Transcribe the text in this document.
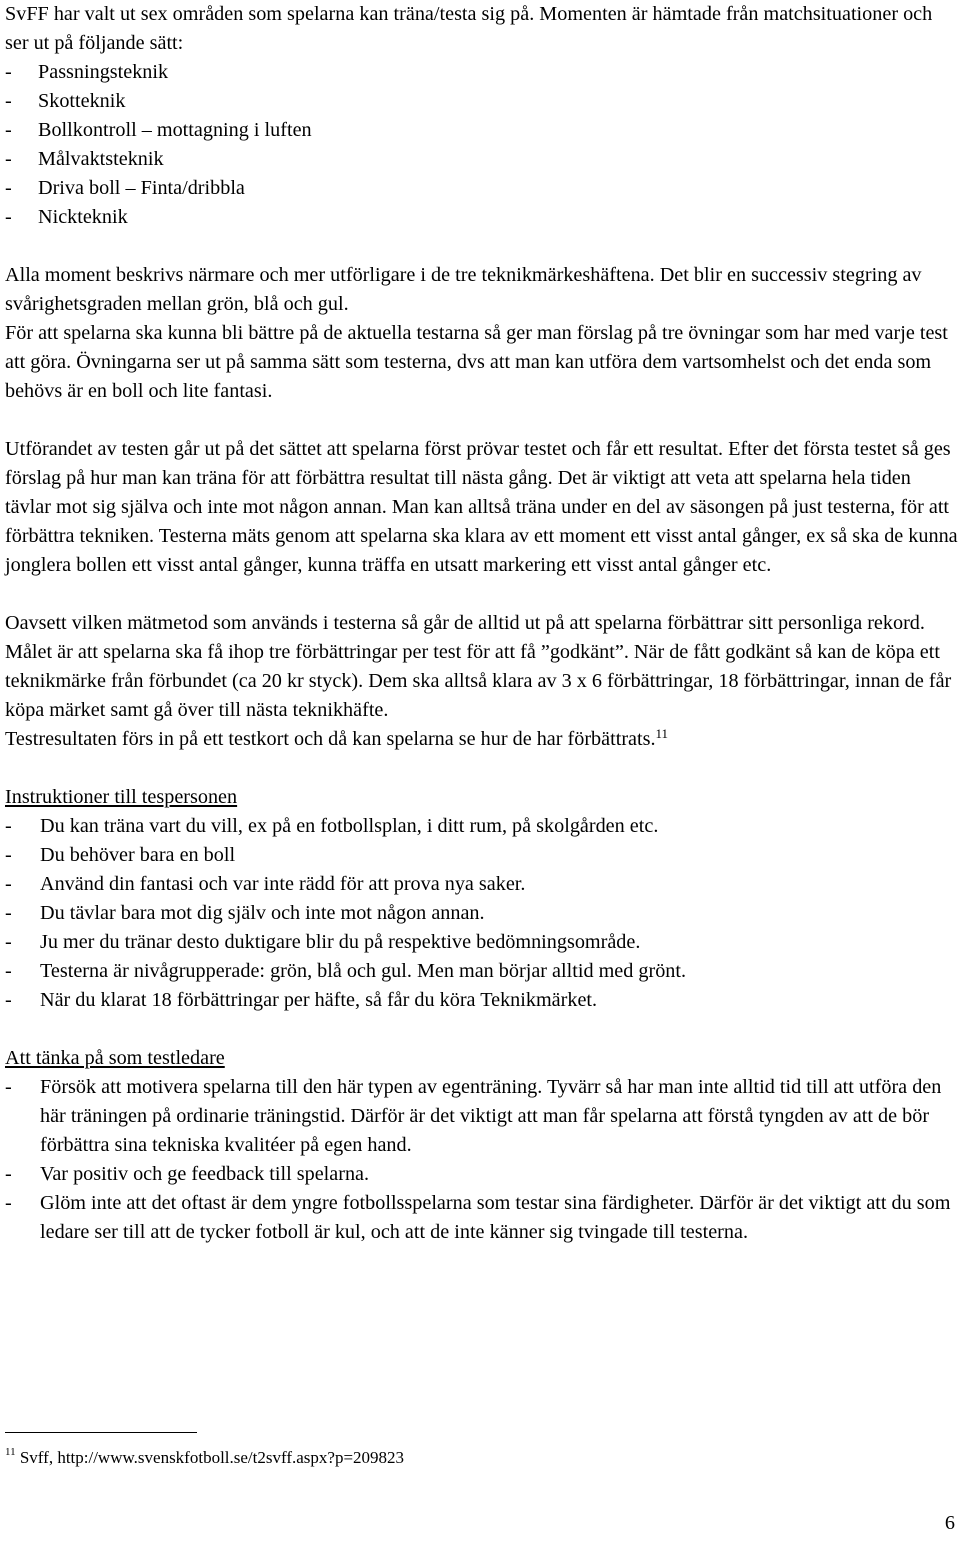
SvFF har valt ut sex områden som spelarna kan träna/testa sig på. Momenten är hämtade från matchsituationer och ser ut på följande sätt:

-	Passningsteknik
-	Skotteknik
-	Bollkontroll – mottagning i luften
-	Målvaktsteknik
-	Driva boll – Finta/dribbla
-	Nickteknik

Alla moment beskrivs närmare och mer utförligare i de tre teknikmärkeshäftena. Det blir en successiv stegring av svårighetsgraden mellan grön, blå och gul.

För att spelarna ska kunna bli bättre på de aktuella testarna så ger man förslag på tre övningar som har med varje test att göra. Övningarna ser ut på samma sätt som testerna, dvs att man kan utföra dem vartsomhelst och det enda som behövs är en boll och lite fantasi.

Utförandet av testen går ut på det sättet att spelarna först prövar testet och får ett resultat. Efter det första testet så ges förslag på hur man kan träna för att förbättra resultat till nästa gång. Det är viktigt att veta att spelarna hela tiden tävlar mot sig själva och inte mot någon annan. Man kan alltså träna under en del av säsongen på just testerna, för att förbättra tekniken. Testerna mäts genom att spelarna ska klara av ett moment ett visst antal gånger, ex så ska de kunna jonglera bollen ett visst antal gånger, kunna träffa en utsatt markering ett visst antal gånger etc.

Oavsett vilken mätmetod som används i testerna så går de alltid ut på att spelarna förbättrar sitt personliga rekord. Målet är att spelarna ska få ihop tre förbättringar per test för att få ”godkänt”. När de fått godkänt så kan de köpa ett teknikmärke från förbundet (ca 20 kr styck). Dem ska alltså klara av 3 x 6 förbättringar, 18 förbättringar, innan de får köpa märket samt gå över till nästa teknikhäfte.

Testresultaten förs in på ett testkort och då kan spelarna se hur de har förbättrats.$^{11}$

Instruktioner till tespersonen

-	Du kan träna vart du vill, ex på en fotbollsplan, i ditt rum, på skolgården etc.
-	Du behöver bara en boll
-	Använd din fantasi och var inte rädd för att prova nya saker.
-	Du tävlar bara mot dig själv och inte mot någon annan.
-	Ju mer du tränar desto duktigare blir du på respektive bedömningsområde.
-	Testerna är nivågrupperade: grön, blå och gul. Men man börjar alltid med grönt.
-	När du klarat 18 förbättringar per häfte, så får du köra Teknikmärket.

Att tänka på som testledare

-	Försök att motivera spelarna till den här typen av egenträning. Tyvärr så har man inte alltid tid till att utföra den här träningen på ordinarie träningstid. Därför är det viktigt att man får spelarna att förstå tyngden av att de bör förbättra sina tekniska kvalitéer på egen hand.
-	Var positiv och ge feedback till spelarna.
-	Glöm inte att det oftast är dem yngre fotbollsspelarna som testar sina färdigheter. Därför är det viktigt att du som ledare ser till att de tycker fotboll är kul, och att de inte känner sig tvingade till testerna.
$^{11}$ Svff, http://www.svenskfotboll.se/t2svff.aspx?p=209823
6
